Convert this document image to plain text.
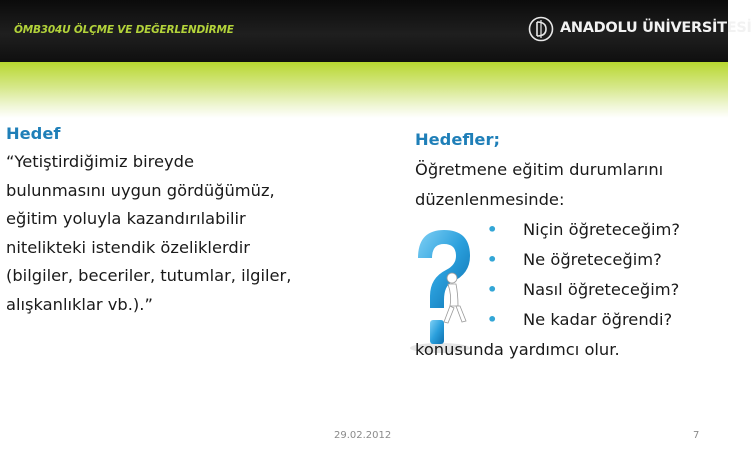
ÖMB304U ÖLÇME VE DEĞERLENDİRME	ANADOLU ÜNİVERSİTESİ
Hedef
“Yetiştirdiğimiz bireyde
bulunmasını uygun gördüğümüz,
eğitim yoluyla kazandırılabilir
nitelikteki istendik özeliklerdir
(bilgiler, beceriler, tutumlar, ilgiler,
alışkanlıklar vb.).”
Hedefler;
Öğretmene eğitim durumlarını
düzenlenmesinde:
• Niçin öğreteceğim?
• Ne öğreteceğim?
• Nasıl öğreteceğim?
• Ne kadar öğrendi?
konusunda yardımcı olur.
29.02.2012	7
